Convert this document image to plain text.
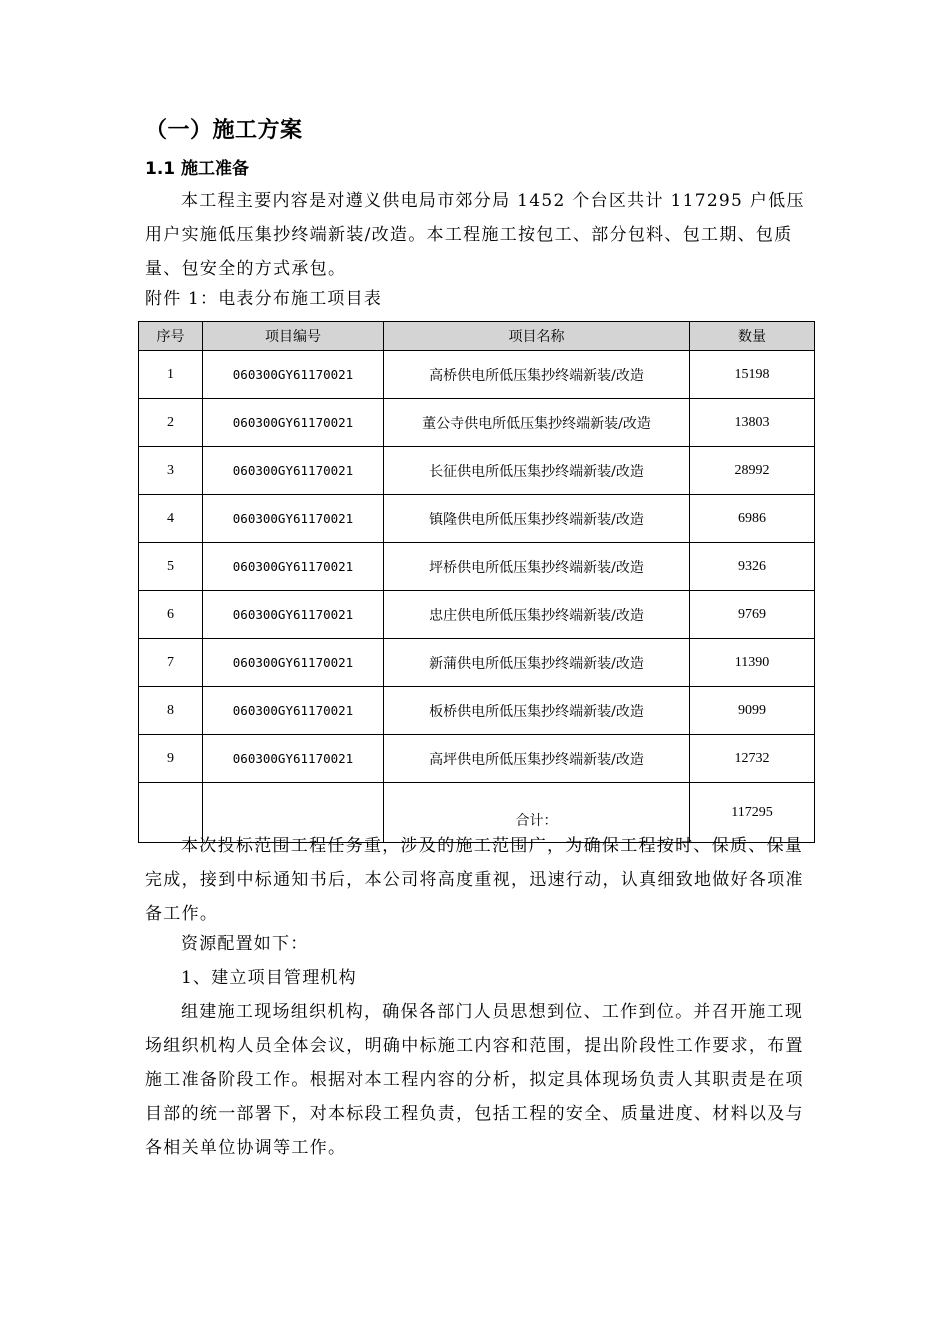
（一）施工方案
1.1 施工准备

本工程主要内容是对遵义供电局市郊分局 1452 个台区共计 117295 户低压用户实施低压集抄终端新装/改造。本工程施工按包工、部分包料、包工期、包质量、包安全的方式承包。

附件 1：电表分布施工项目表
序号	项目编号	项目名称	数量
1	060300GY61170021	高桥供电所低压集抄终端新装/改造	15198
2	060300GY61170021	董公寺供电所低压集抄终端新装/改造	13803
3	060300GY61170021	长征供电所低压集抄终端新装/改造	28992
4	060300GY61170021	镇隆供电所低压集抄终端新装/改造	6986
5	060300GY61170021	坪桥供电所低压集抄终端新装/改造	9326
6	060300GY61170021	忠庄供电所低压集抄终端新装/改造	9769
7	060300GY61170021	新蒲供电所低压集抄终端新装/改造	11390
8	060300GY61170021	板桥供电所低压集抄终端新装/改造	9099
9	060300GY61170021	高坪供电所低压集抄终端新装/改造	12732
		合计：	117295

本次投标范围工程任务重，涉及的施工范围广，为确保工程按时、保质、保量完成，接到中标通知书后，本公司将高度重视，迅速行动，认真细致地做好各项准备工作。

资源配置如下：
1、建立项目管理机构

组建施工现场组织机构，确保各部门人员思想到位、工作到位。并召开施工现场组织机构人员全体会议，明确中标施工内容和范围，提出阶段性工作要求，布置施工准备阶段工作。根据对本工程内容的分析，拟定具体现场负责人其职责是在项目部的统一部署下，对本标段工程负责，包括工程的安全、质量进度、材料以及与各相关单位协调等工作。
